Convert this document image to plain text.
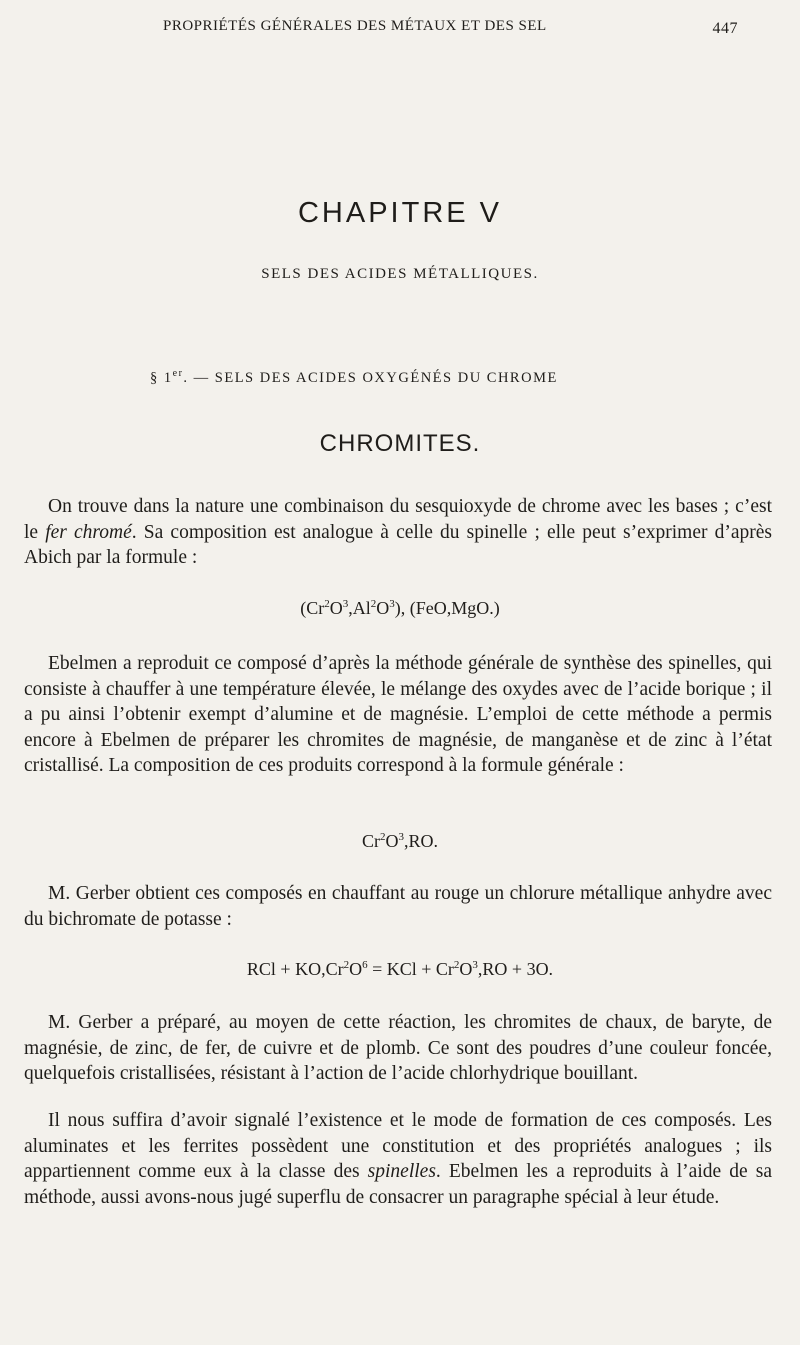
PROPRIÉTÉS GÉNÉRALES DES MÉTAUX ET DES SEL	447
CHAPITRE V
SELS DES ACIDES MÉTALLIQUES.
§ 1er. — SELS DES ACIDES OXYGÉNÉS DU CHROME
CHROMITES.

On trouve dans la nature une combinaison du sesquioxyde de chrome avec les bases ; c’est le fer chromé. Sa composition est analogue à celle du spinelle ; elle peut s’exprimer d’après Abich par la formule :

$(Cr^2O^3,Al^2O^3)$, (FeO,MgO.)

Ebelmen a reproduit ce composé d’après la méthode générale de synthèse des spinelles, qui consiste à chauffer à une température élevée, le mélange des oxydes avec de l’acide borique ; il a pu ainsi l’obtenir exempt d’alumine et de magnésie. L’emploi de cette méthode a permis encore à Ebelmen de préparer les chromites de magnésie, de manganèse et de zinc à l’état cristallisé. La composition de ces produits correspond à la formule générale :

$Cr^2O^3,RO$.

M. Gerber obtient ces composés en chauffant au rouge un chlorure métallique anhydre avec du bichromate de potasse :

RCl + $KO,Cr^2O^6$ = KCl + $Cr^2O^3,RO + 3O$.

M. Gerber a préparé, au moyen de cette réaction, les chromites de chaux, de baryte, de magnésie, de zinc, de fer, de cuivre et de plomb. Ce sont des poudres d’une couleur foncée, quelquefois cristallisées, résistant à l’action de l’acide chlorhydrique bouillant.

Il nous suffira d’avoir signalé l’existence et le mode de formation de ces composés. Les aluminates et les ferrites possèdent une constitution et des propriétés analogues ; ils appartiennent comme eux à la classe des spinelles. Ebelmen les a reproduits à l’aide de sa méthode, aussi avons-nous jugé superflu de consacrer un paragraphe spécial à leur étude.
